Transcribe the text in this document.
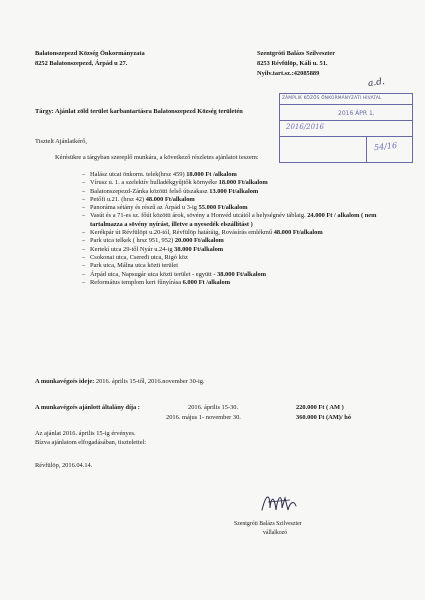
Balatonszepezd Község Önkormányzata
8252 Balatonszepezd, Árpád u 27.
Szentgróti Balázs Szilveszter
8253 Révfülöp, Káli u. 51.
Nyilv.tart.sz.:42085889
a.d.
ZÁMPLIK KÖZÖS ÖNKORMÁNYZATI HIVATAL
2016 ÁPR 1.
2016/2016
54/16
Tárgy: Ajánlat zöld terület karbantartásra Balatonszepezd Község területén
Tisztelt Ajánlatkérő,
Kérésükre a tárgyban szereplő munkára, a következő részletes ajánlatot teszem:
– Halász utcai önkorm. telek(hrsz 459) 18.000 Ft /alkalom
– Vírusz u. 1. a szelektív hulladékgyűjtők környéke 18.000 Ft/alkalom
– Balatonszepezd-Zánka közötti felső útszakasz 13.000 Ft/alkalom
– Petőfi u.21. (hrsz 42) 48.000 Ft/alkalom
– Panoráma sétány és részű az Árpád u 3-ig 55.000 Ft/alkalom
– Vasút és a 71-es sz. főút közötti árok, sövény a Honvéd utcától a helységnév táblaig. 24.000 Ft / alkalom ( nem tartalmazza a sövény nyírást, illetve a nyesedék elszállítást )
– Kerékpár út Révfülöpi u.20-tól, Révfülöp határáig, Rovásírás emlékmű 48.000 Ft/alkalom
– Park utca telkek ( hrsz 951, 952) 20.000 Ft/alkalom
– Kertekí utca 29-től Nyár u.24-ig 38.000 Ft/alkalom
– Csokonai utca, Cseređi utca, Rigó köz
– Park utca, Málna utca közti terület
– Árpád utca, Napsugár utca közti terület - együtt - 38.000 Ft/alkalom
– Református templom kert fűnyírása 6.000 Ft /alkalom
A munkavégzés ideje: 2016. április 15-től, 2016.november 30-ig.
A munkavégzés ajánlott általány díja :	2016. április 15-30.	220.000 Ft ( AM )
2016. május 1- november 30.	360.000 Ft (AM)/ hó
Az ajánlat 2016. április 15-ig érvényes.
Bízva ajánlatom elfogadásában, tisztelettel:
Révfülöp, 2016.04.14.
Szentgróti Balázs Szilveszter
vállalkozó
